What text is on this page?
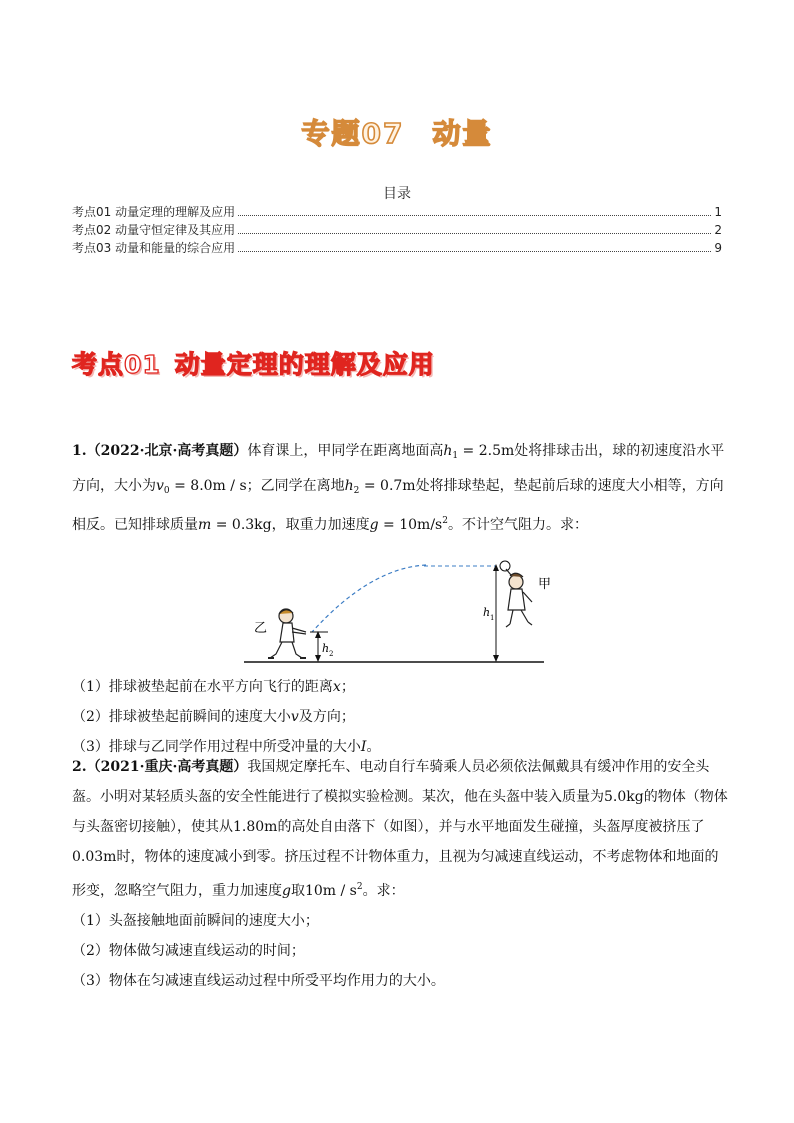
专题07 动量
目录
考点01 动量定理的理解及应用	1
考点02 动量守恒定律及其应用	2
考点03 动量和能量的综合应用	9
考点01 动量定理的理解及应用

1.（2022·北京·高考真题）体育课上，甲同学在距离地面高$h_1 = 2.5m$处将排球击出，球的初速度沿水平方向，大小为$v_0 = 8.0m / s$；乙同学在离地$h_2 = 0.7m$处将排球垫起，垫起前后球的速度大小相等，方向相反。已知排球质量m = 0.3kg，取重力加速度$g = 10m/s^2$。不计空气阻力。求：

h 1
h 2
甲
乙

（1）排球被垫起前在水平方向飞行的距离x；

（2）排球被垫起前瞬间的速度大小v及方向；

（3）排球与乙同学作用过程中所受冲量的大小I。

2.（2021·重庆·高考真题）我国规定摩托车、电动自行车骑乘人员必须依法佩戴具有缓冲作用的安全头盔。小明对某轻质头盔的安全性能进行了模拟实验检测。某次，他在头盔中装入质量为5.0kg的物体（物体与头盔密切接触），使其从1.80m的高处自由落下（如图），并与水平地面发生碰撞，头盔厚度被挤压了0.03m时，物体的速度减小到零。挤压过程不计物体重力，且视为匀减速直线运动，不考虑物体和地面的形变，忽略空气阻力，重力加速度g取$10m / s^2$。求：

（1）头盔接触地面前瞬间的速度大小；

（2）物体做匀减速直线运动的时间；

（3）物体在匀减速直线运动过程中所受平均作用力的大小。
